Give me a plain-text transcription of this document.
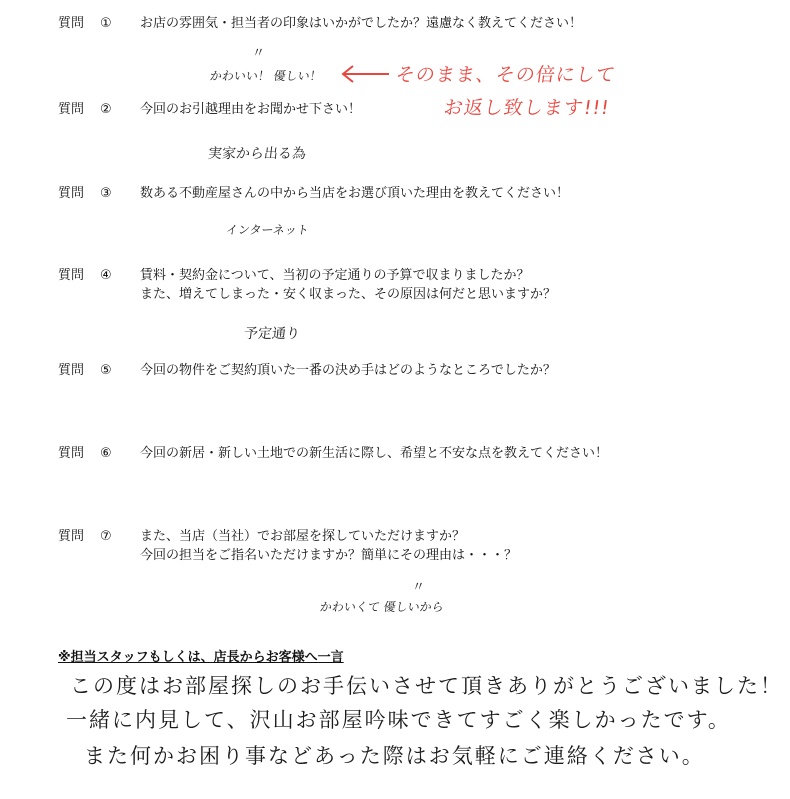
質問 ① お店の雰囲気・担当者の印象はいかがでしたか？遠慮なく教えてください！
〃
かわいい！ 優しい！	そのまま、その倍にして
お返し致します!!!
質問 ② 今回のお引越理由をお聞かせ下さい！
実家から出る為
質問 ③ 数ある不動産屋さんの中から当店をお選び頂いた理由を教えてください！
インターネット
質問 ④ 賃料・契約金について、当初の予定通りの予算で収まりましたか？
また、増えてしまった・安く収まった、その原因は何だと思いますか？
予定通り
質問 ⑤ 今回の物件をご契約頂いた一番の決め手はどのようなところでしたか？
質問 ⑥ 今回の新居・新しい土地での新生活に際し、希望と不安な点を教えてください！
質問 ⑦ また、当店（当社）でお部屋を探していただけますか？
今回の担当をご指名いただけますか？簡単にその理由は・・・？
〃
かわいくて 優しいから
※担当スタッフもしくは、店長からお客様へ一言
この度はお部屋探しのお手伝いさせて頂きありがとうございました！
一緒に内見して、沢山お部屋吟味できてすごく楽しかったです。
また何かお困り事などあった際はお気軽にご連絡ください。
